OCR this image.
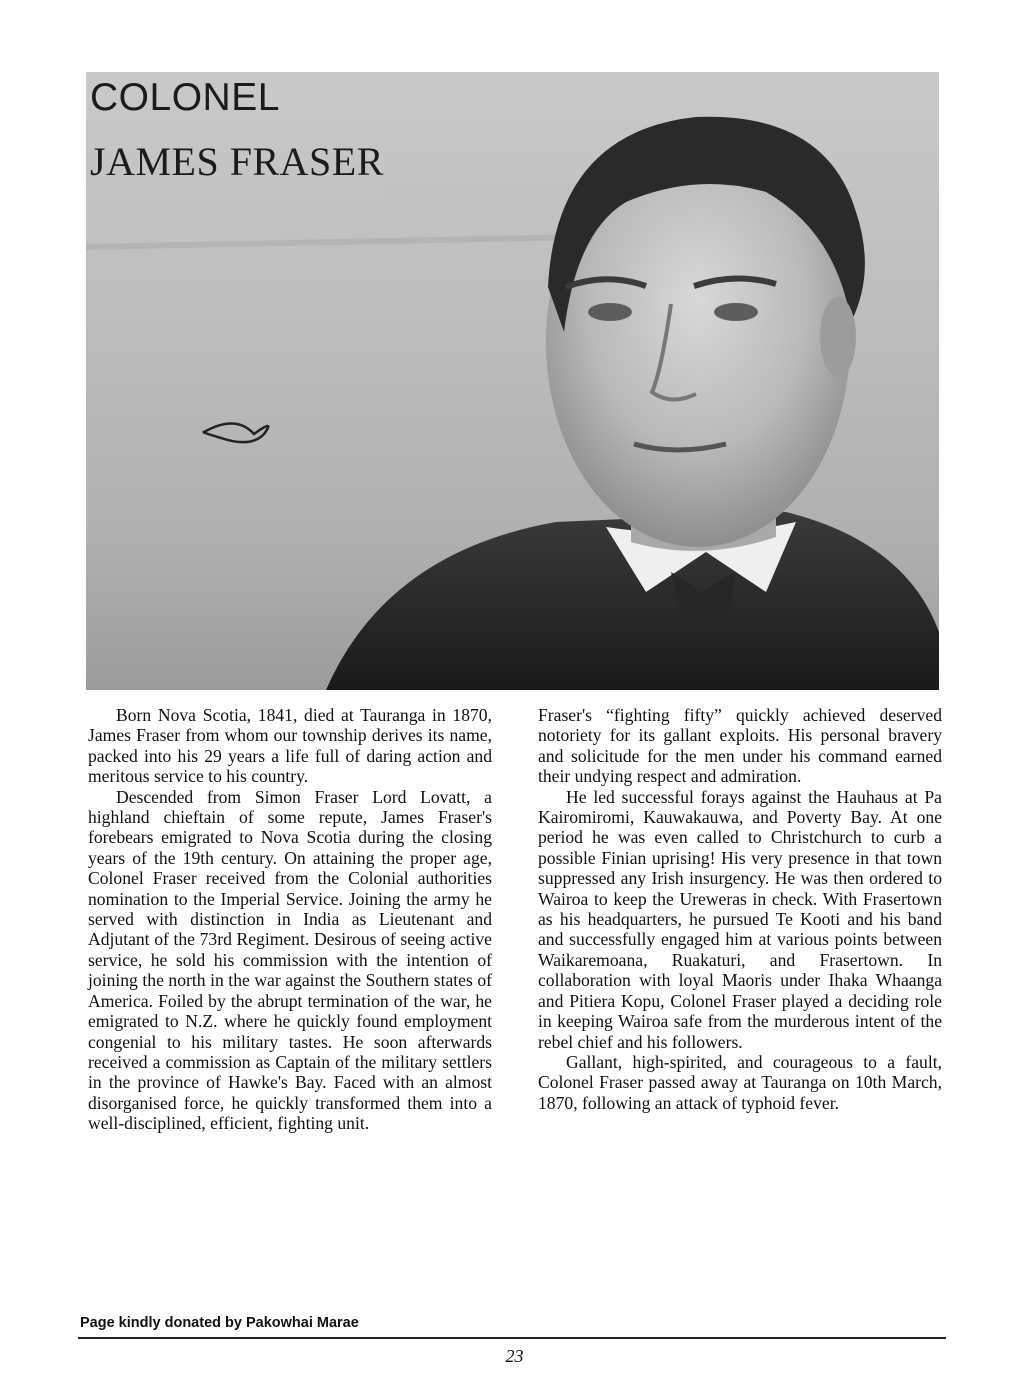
COLONEL
JAMES FRASER

Born Nova Scotia, 1841, died at Tauranga in 1870, James Fraser from whom our township derives its name, packed into his 29 years a life full of daring action and meritous service to his country.

Descended from Simon Fraser Lord Lovatt, a highland chieftain of some repute, James Fraser's forebears emigrated to Nova Scotia during the closing years of the 19th century. On attaining the proper age, Colonel Fraser received from the Colonial authorities nomination to the Imperial Service. Joining the army he served with distinction in India as Lieutenant and Adjutant of the 73rd Regiment. Desirous of seeing active service, he sold his commission with the intention of joining the north in the war against the Southern states of America. Foiled by the abrupt termination of the war, he emigrated to N.Z. where he quickly found employment congenial to his military tastes. He soon afterwards received a commission as Captain of the military settlers in the province of Hawke's Bay. Faced with an almost disorganised force, he quickly transformed them into a well-disciplined, efficient, fighting unit.

Fraser's “fighting fifty” quickly achieved deserved notoriety for its gallant exploits. His personal bravery and solicitude for the men under his command earned their undying respect and admiration.

He led successful forays against the Hauhaus at Pa Kairomiromi, Kauwakauwa, and Poverty Bay. At one period he was even called to Christchurch to curb a possible Finian uprising! His very presence in that town suppressed any Irish insurgency. He was then ordered to Wairoa to keep the Ureweras in check. With Frasertown as his headquarters, he pursued Te Kooti and his band and successfully engaged him at various points between Waikaremoana, Ruakaturi, and Frasertown. In collaboration with loyal Maoris under Ihaka Whaanga and Pitiera Kopu, Colonel Fraser played a deciding role in keeping Wairoa safe from the murderous intent of the rebel chief and his followers.

Gallant, high-spirited, and courageous to a fault, Colonel Fraser passed away at Tauranga on 10th March, 1870, following an attack of typhoid fever.

Page kindly donated by Pakowhai Marae
23
